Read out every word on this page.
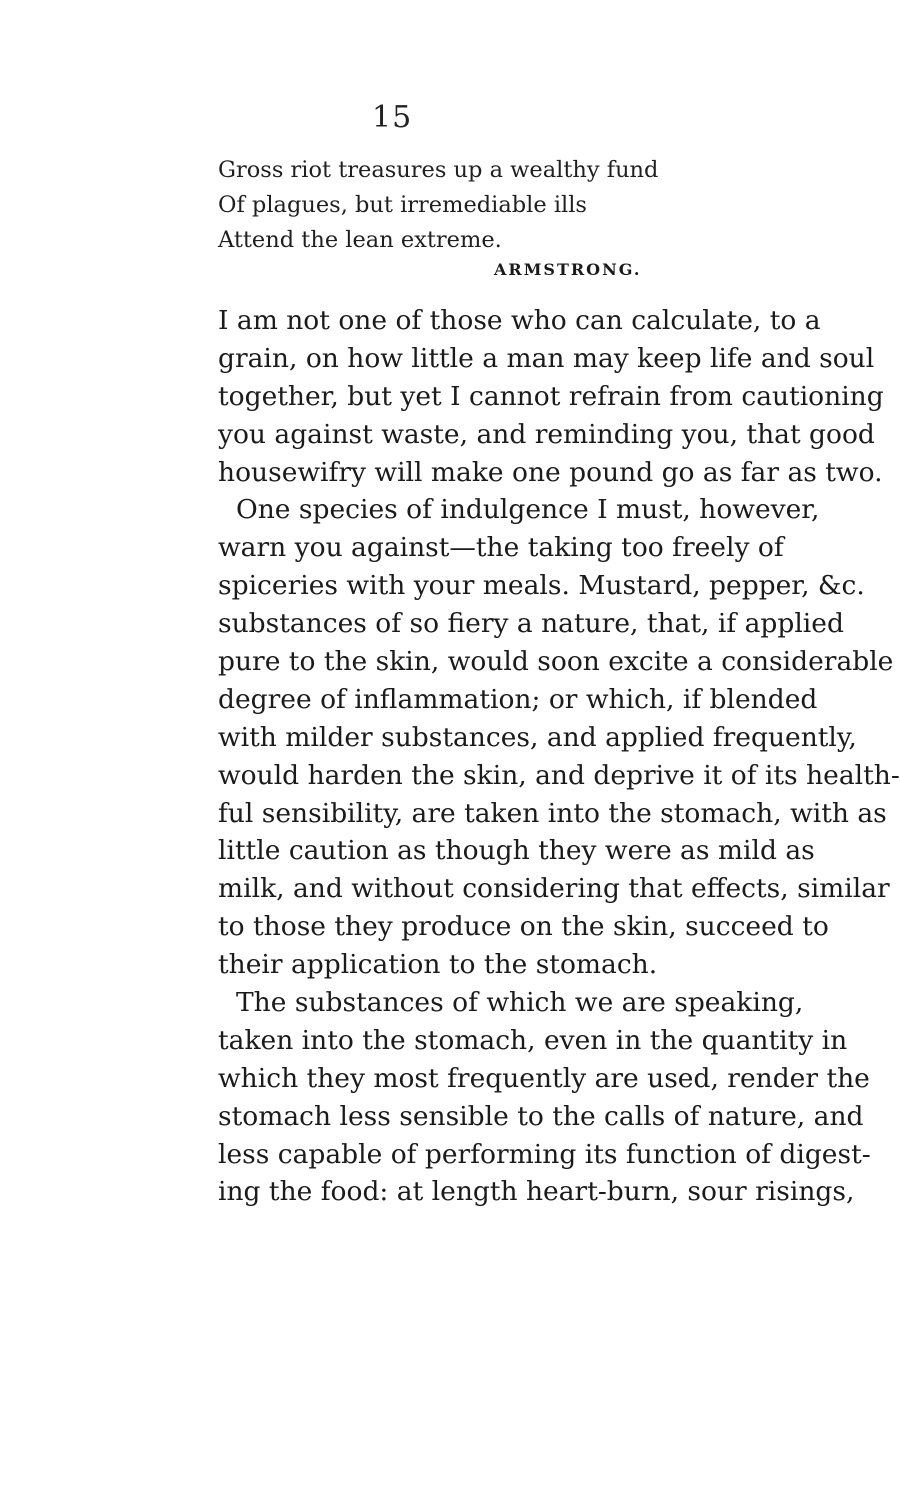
15
Gross riot treasures up a wealthy fund
Of plagues, but irremediable ills
Attend the lean extreme.
ARMSTRONG.
I am not one of those who can calculate, to a
grain, on how little a man may keep life and soul
together, but yet I cannot refrain from cautioning
you against waste, and reminding you, that good
housewifry will make one pound go as far as two.
One species of indulgence I must, however,
warn you against—the taking too freely of
spiceries with your meals. Mustard, pepper, &c.
substances of so fiery a nature, that, if applied
pure to the skin, would soon excite a considerable
degree of inflammation; or which, if blended
with milder substances, and applied frequently,
would harden the skin, and deprive it of its health-
ful sensibility, are taken into the stomach, with as
little caution as though they were as mild as
milk, and without considering that effects, similar
to those they produce on the skin, succeed to
their application to the stomach.
The substances of which we are speaking,
taken into the stomach, even in the quantity in
which they most frequently are used, render the
stomach less sensible to the calls of nature, and
less capable of performing its function of digest-
ing the food: at length heart-burn, sour risings,
